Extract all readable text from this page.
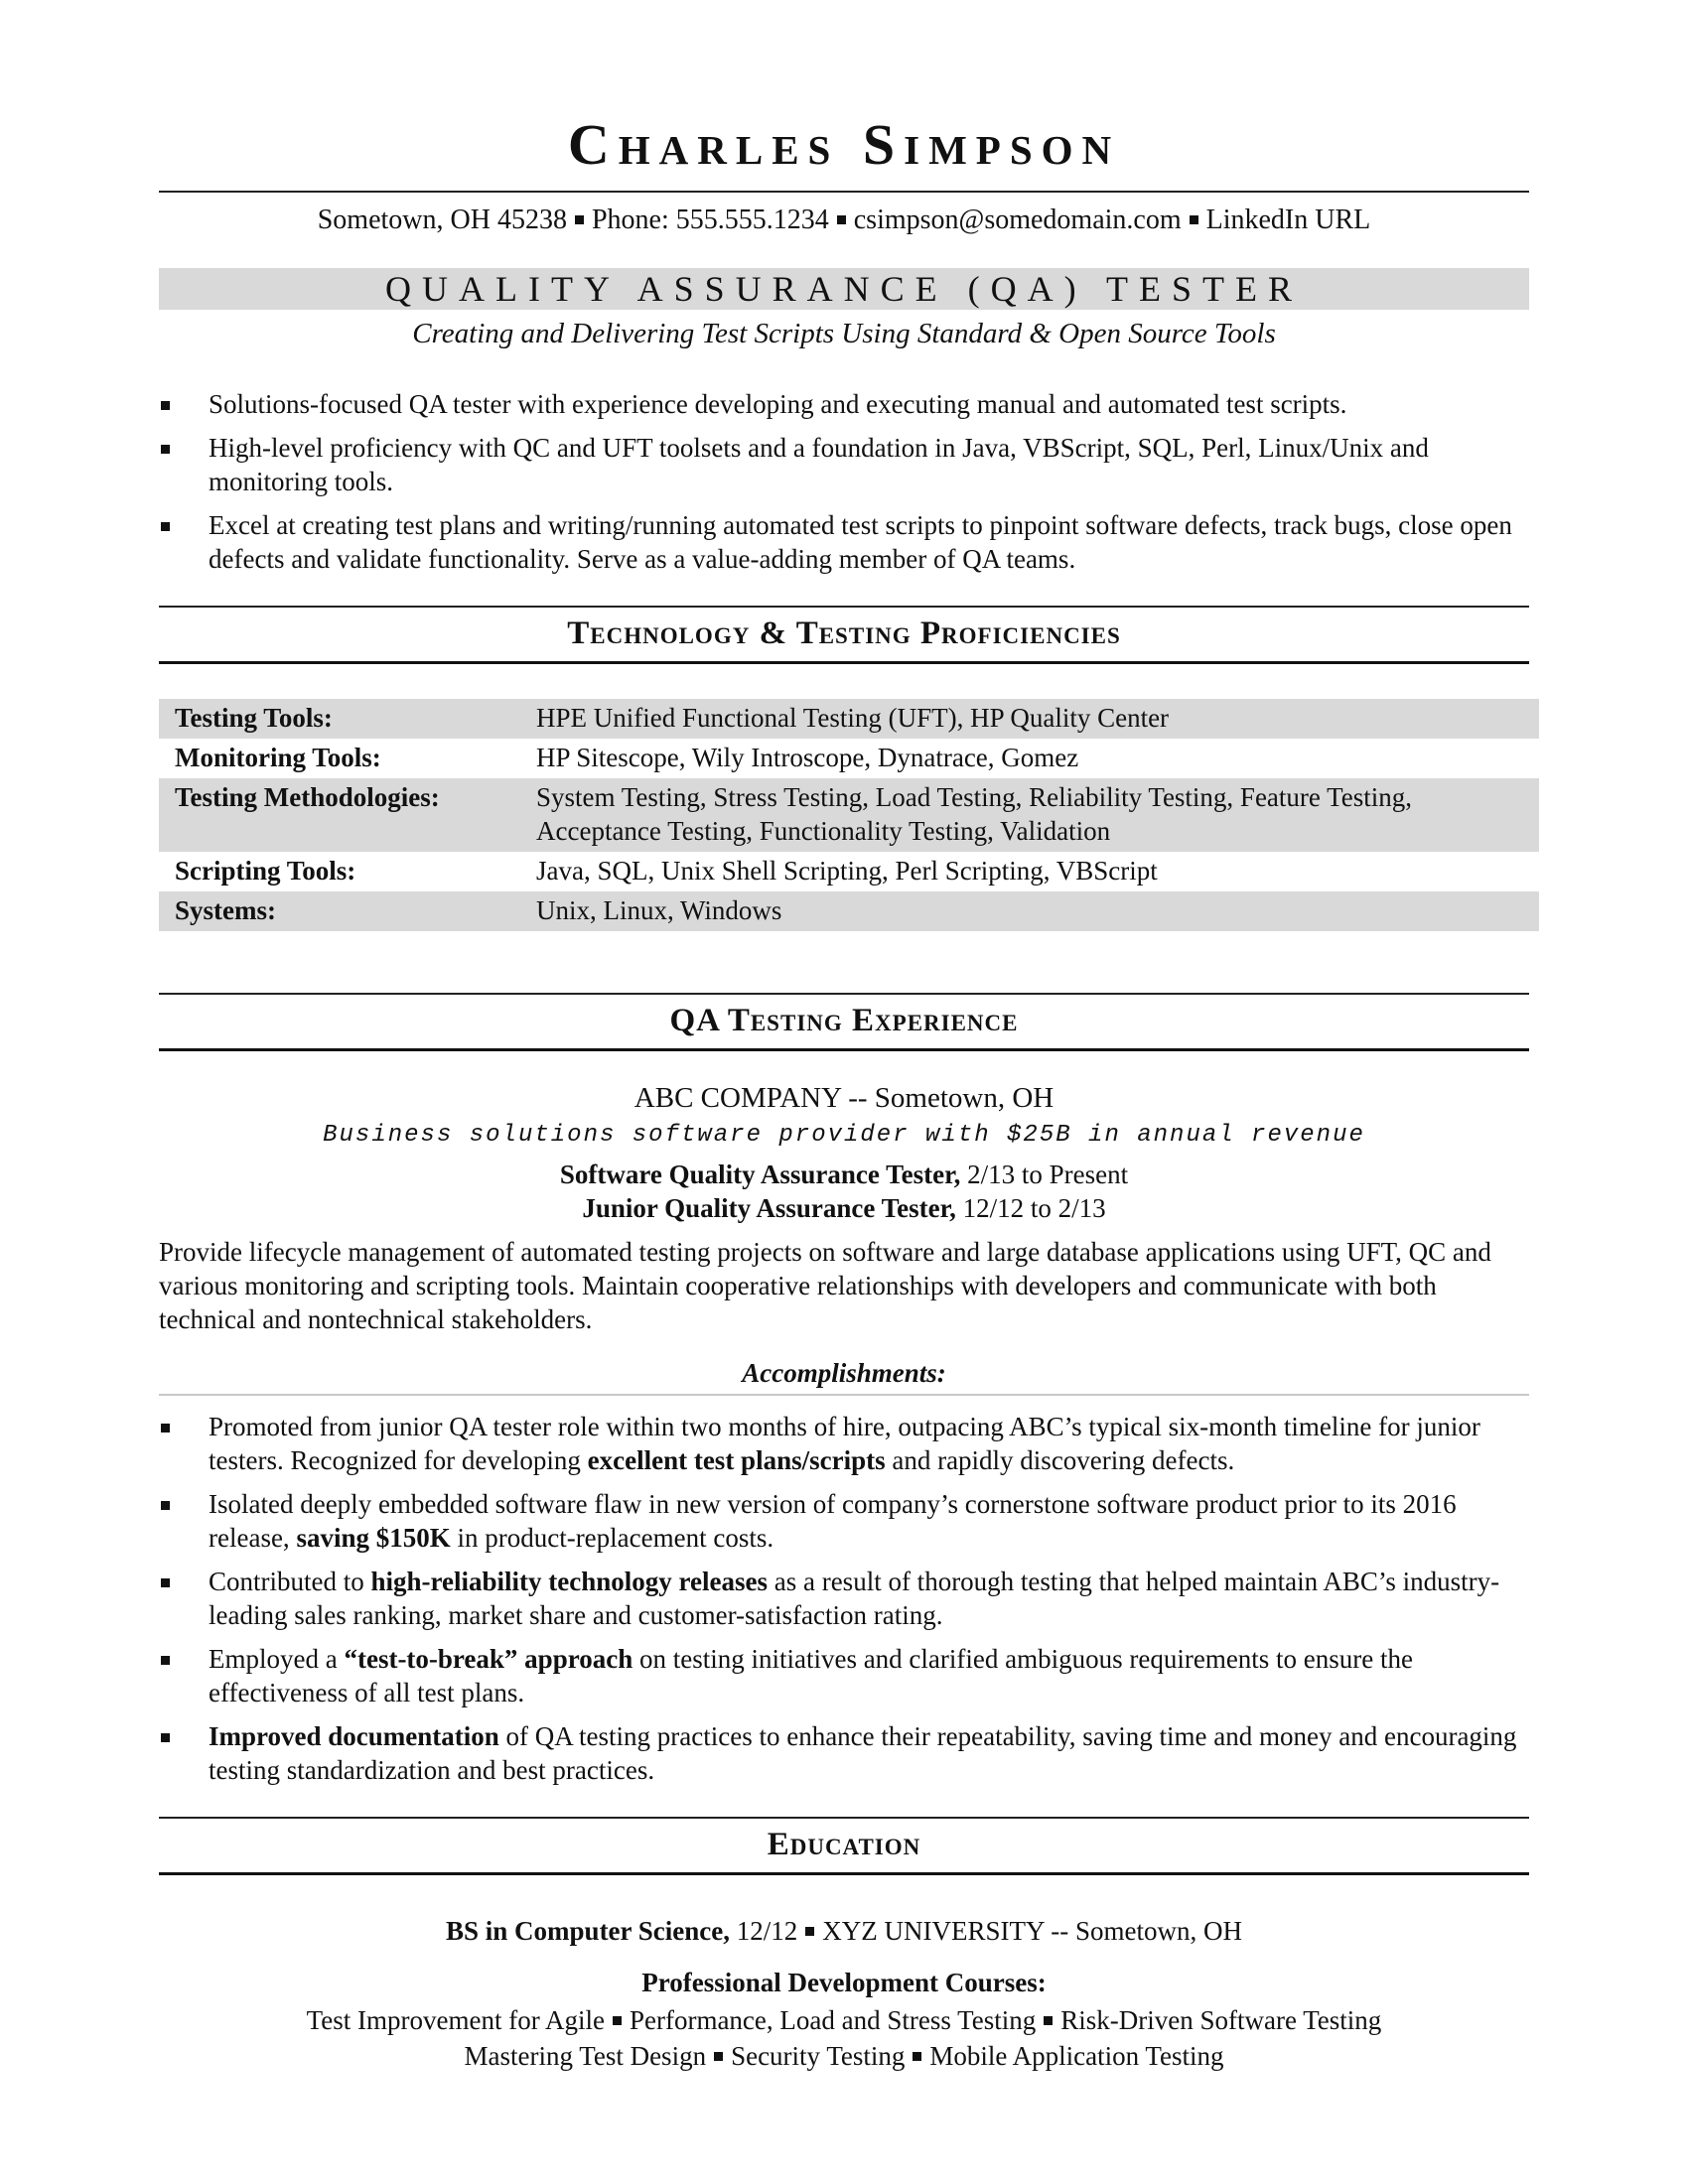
Charles Simpson
Sometown, OH 45238 Phone: 555.555.1234 csimpson@somedomain.com LinkedIn URL
QUALITY ASSURANCE (QA) TESTER
Creating and Delivering Test Scripts Using Standard & Open Source Tools
Solutions-focused QA tester with experience developing and executing manual and automated test scripts.
High-level proficiency with QC and UFT toolsets and a foundation in Java, VBScript, SQL, Perl, Linux/Unix and monitoring tools.
Excel at creating test plans and writing/running automated test scripts to pinpoint software defects, track bugs, close open defects and validate functionality. Serve as a value-adding member of QA teams.
Technology & Testing Proficiencies
Testing Tools:	HPE Unified Functional Testing (UFT), HP Quality Center
Monitoring Tools:	HP Sitescope, Wily Introscope, Dynatrace, Gomez
Testing Methodologies:	System Testing, Stress Testing, Load Testing, Reliability Testing, Feature Testing, Acceptance Testing, Functionality Testing, Validation
Scripting Tools:	Java, SQL, Unix Shell Scripting, Perl Scripting, VBScript
Systems:	Unix, Linux, Windows
QA Testing Experience
ABC COMPANY -- Sometown, OH
Business solutions software provider with $25B in annual revenue
Software Quality Assurance Tester, 2/13 to Present
Junior Quality Assurance Tester, 12/12 to 2/13
Provide lifecycle management of automated testing projects on software and large database applications using UFT, QC and various monitoring and scripting tools. Maintain cooperative relationships with developers and communicate with both technical and nontechnical stakeholders.
Accomplishments:
Promoted from junior QA tester role within two months of hire, outpacing ABC’s typical six-month timeline for junior testers. Recognized for developing excellent test plans/scripts and rapidly discovering defects.
Isolated deeply embedded software flaw in new version of company’s cornerstone software product prior to its 2016 release, saving $150K in product-replacement costs.
Contributed to high-reliability technology releases as a result of thorough testing that helped maintain ABC’s industry-leading sales ranking, market share and customer-satisfaction rating.
Employed a “test-to-break” approach on testing initiatives and clarified ambiguous requirements to ensure the effectiveness of all test plans.
Improved documentation of QA testing practices to enhance their repeatability, saving time and money and encouraging testing standardization and best practices.
Education
BS in Computer Science, 12/12 XYZ UNIVERSITY -- Sometown, OH
Professional Development Courses:
Test Improvement for Agile Performance, Load and Stress Testing Risk-Driven Software Testing
Mastering Test Design Security Testing Mobile Application Testing
